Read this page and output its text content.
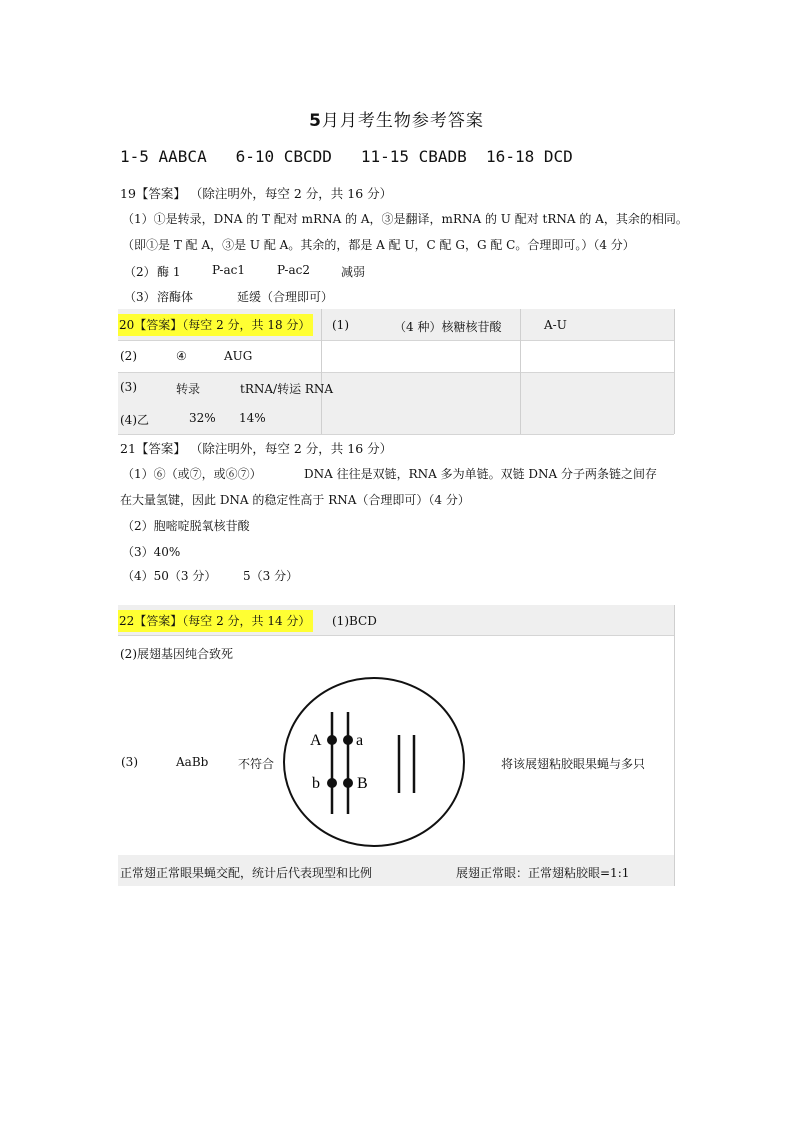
5月月考生物参考答案
1-5 AABCA   6-10 CBCDD   11-15 CBADB  16-18 DCD
19【答案】 （除注明外，每空 2 分，共 16 分）
（1）①是转录，DNA 的 T 配对 mRNA 的 A，③是翻译，mRNA 的 U 配对 tRNA 的 A，其余的相同。
（即①是 T 配 A，③是 U 配 A。其余的，都是 A 配 U，C 配 G，G 配 C。合理即可。）（4 分）
（2） 酶 1	P-ac1	P-ac2	减弱
（3） 溶酶体	延缓（合理即可）
20【答案】（每空 2 分，共 18 分） (1)	（4 种）核糖核苷酸	A-U
(2)	④	AUG
(3)	转录	tRNA/转运 RNA
(4)乙	32% 14%
21【答案】 （除注明外，每空 2 分，共 16 分）
（1）⑥（或⑦，或⑥⑦）	DNA 往往是双链，RNA 多为单链。双链 DNA 分子两条链之间存
在大量氢键，因此 DNA 的稳定性高于 RNA（合理即可）（4 分）
（2）胞嘧啶脱氧核苷酸
（3）40%
（4）50（3 分） 5（3 分）
22【答案】（每空 2 分，共 14 分） (1)BCD
(2)展翅基因纯合致死
(3)	AaBb 不符合	将该展翅粘胶眼果蝇与多只
正常翅正常眼果蝇交配，统计后代表现型和比例	展翅正常眼：正常翅粘胶眼=1:1
A a
b B
